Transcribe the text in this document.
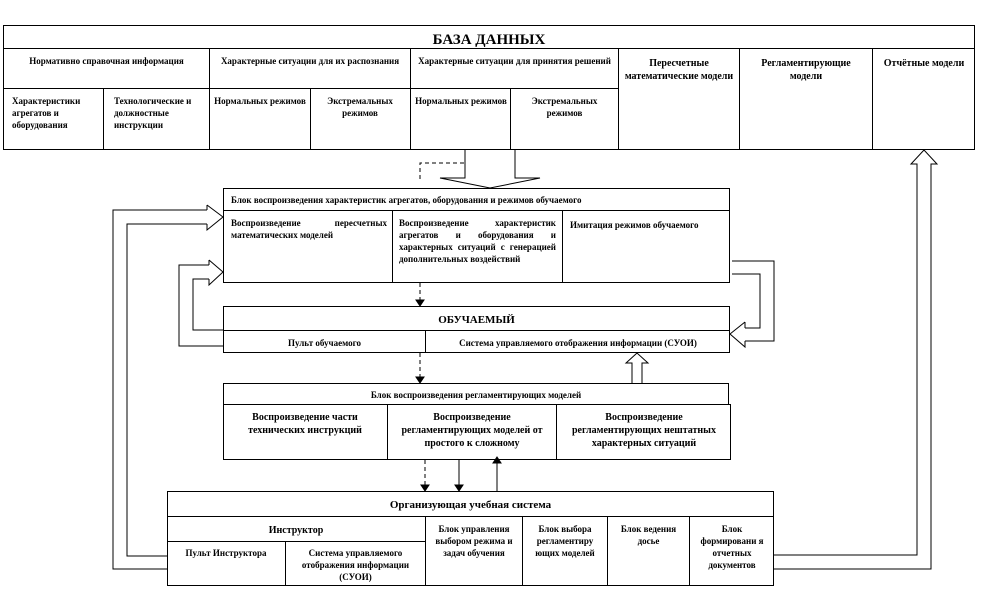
БАЗА ДАННЫХ
Нормативно справочная информация	Характерные ситуации для их распознания	Характерные ситуации для принятия решений
Характеристики агрегатов и оборудования
Технологические и должностные инструкции
Нормальных режимов	Экстремальных режимов
Нормальных режимов	Экстремальных режимов
Пересчетные математические модели
Регламентирующие модели
Отчётные модели
Блок воспроизведения характеристик агрегатов, оборудования и режимов обучаемого
Воспроизведение пересчетных математических моделей
Воспроизведение характеристик агрегатов и оборудования и характерных ситуаций с генерацией дополнительных воздействий
Имитация режимов обучаемого
ОБУЧАЕМЫЙ
Пульт обучаемого	Система управляемого отображения информации (СУОИ)
Блок воспроизведения регламентирующих моделей
Воспроизведение части технических инструкций
Воспроизведение регламентирующих моделей от простого к сложному
Воспроизведение регламентирующих нештатных характерных ситуаций
Организующая учебная система
Инструктор
Пульт Инструктора	Система управляемого отображения информации (СУОИ)
Блок управления выбором режима и задач обучения
Блок выбора регламентиру ющих моделей
Блок ведения досье
Блок формировани я отчетных документов
